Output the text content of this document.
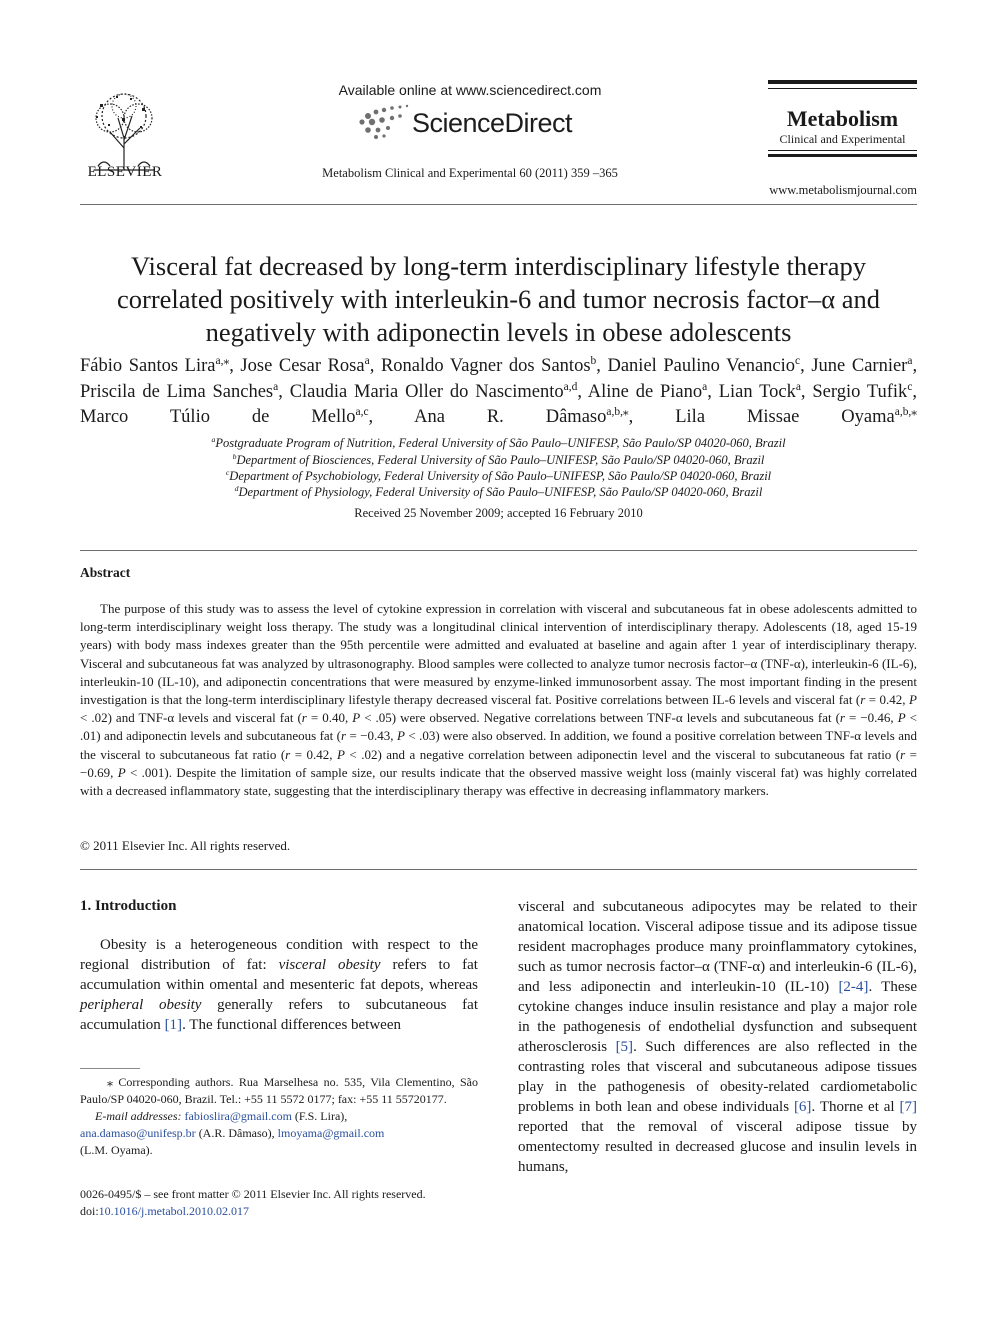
ELSEVIER
Available online at www.sciencedirect.com
ScienceDirect
Metabolism Clinical and Experimental 60 (2011) 359 –365
Metabolism
Clinical and Experimental
www.metabolismjournal.com
Visceral fat decreased by long-term interdisciplinary lifestyle therapy correlated positively with interleukin-6 and tumor necrosis factor–α and negatively with adiponectin levels in obese adolescents
Fábio Santos Lira$^{a,⁎}$, Jose Cesar Rosa$^a$, Ronaldo Vagner dos Santos$^b$, Daniel Paulino Venancio$^c$, June Carnier$^a$, Priscila de Lima Sanches$^a$, Claudia Maria Oller do Nascimento$^{a,d}$, Aline de Piano$^a$, Lian Tock$^a$, Sergio Tufik$^c$, Marco Túlio de Mello$^{a,c}$, Ana R. Dâmaso$^{a,b,⁎}$, Lila Missae Oyama$^{a,b,⁎}$
$^a$Postgraduate Program of Nutrition, Federal University of São Paulo–UNIFESP, São Paulo/SP 04020-060, Brazil
$^b$Department of Biosciences, Federal University of São Paulo–UNIFESP, São Paulo/SP 04020-060, Brazil
$^c$Department of Psychobiology, Federal University of São Paulo–UNIFESP, São Paulo/SP 04020-060, Brazil
$^d$Department of Physiology, Federal University of São Paulo–UNIFESP, São Paulo/SP 04020-060, Brazil
Received 25 November 2009; accepted 16 February 2010
Abstract
The purpose of this study was to assess the level of cytokine expression in correlation with visceral and subcutaneous fat in obese adolescents admitted to long-term interdisciplinary weight loss therapy. The study was a longitudinal clinical intervention of interdisciplinary therapy. Adolescents (18, aged 15-19 years) with body mass indexes greater than the 95th percentile were admitted and evaluated at baseline and again after 1 year of interdisciplinary therapy. Visceral and subcutaneous fat was analyzed by ultrasonography. Blood samples were collected to analyze tumor necrosis factor–α (TNF-α), interleukin-6 (IL-6), interleukin-10 (IL-10), and adiponectin concentrations that were measured by enzyme-linked immunosorbent assay. The most important finding in the present investigation is that the long-term interdisciplinary lifestyle therapy decreased visceral fat. Positive correlations between IL-6 levels and visceral fat (r = 0.42, P < .02) and TNF-α levels and visceral fat (r = 0.40, P < .05) were observed. Negative correlations between TNF-α levels and subcutaneous fat (r = −0.46, P < .01) and adiponectin levels and subcutaneous fat (r = −0.43, P < .03) were also observed. In addition, we found a positive correlation between TNF-α levels and the visceral to subcutaneous fat ratio (r = 0.42, P < .02) and a negative correlation between adiponectin level and the visceral to subcutaneous fat ratio (r = −0.69, P < .001). Despite the limitation of sample size, our results indicate that the observed massive weight loss (mainly visceral fat) was highly correlated with a decreased inflammatory state, suggesting that the interdisciplinary therapy was effective in decreasing inflammatory markers.
© 2011 Elsevier Inc. All rights reserved.
1. Introduction
Obesity is a heterogeneous condition with respect to the regional distribution of fat: visceral obesity refers to fat accumulation within omental and mesenteric fat depots, whereas peripheral obesity generally refers to subcutaneous fat accumulation [1]. The functional differences between
⁎ Corresponding authors. Rua Marselhesa no. 535, Vila Clementino, São Paulo/SP 04020-060, Brazil. Tel.: +55 11 5572 0177; fax: +55 11 55720177.
E-mail addresses: fabioslira@gmail.com (F.S. Lira),
ana.damaso@unifesp.br (A.R. Dâmaso), lmoyama@gmail.com
(L.M. Oyama).
0026-0495/$ – see front matter © 2011 Elsevier Inc. All rights reserved.
doi:10.1016/j.metabol.2010.02.017
visceral and subcutaneous adipocytes may be related to their anatomical location. Visceral adipose tissue and its adipose tissue resident macrophages produce many proinflammatory cytokines, such as tumor necrosis factor–α (TNF-α) and interleukin-6 (IL-6), and less adiponectin and interleukin-10 (IL-10) [2-4]. These cytokine changes induce insulin resistance and play a major role in the pathogenesis of endothelial dysfunction and subsequent atherosclerosis [5]. Such differences are also reflected in the contrasting roles that visceral and subcutaneous adipose tissues play in the pathogenesis of obesity-related cardiometabolic problems in both lean and obese individuals [6]. Thorne et al [7] reported that the removal of visceral adipose tissue by omentectomy resulted in decreased glucose and insulin levels in humans,
